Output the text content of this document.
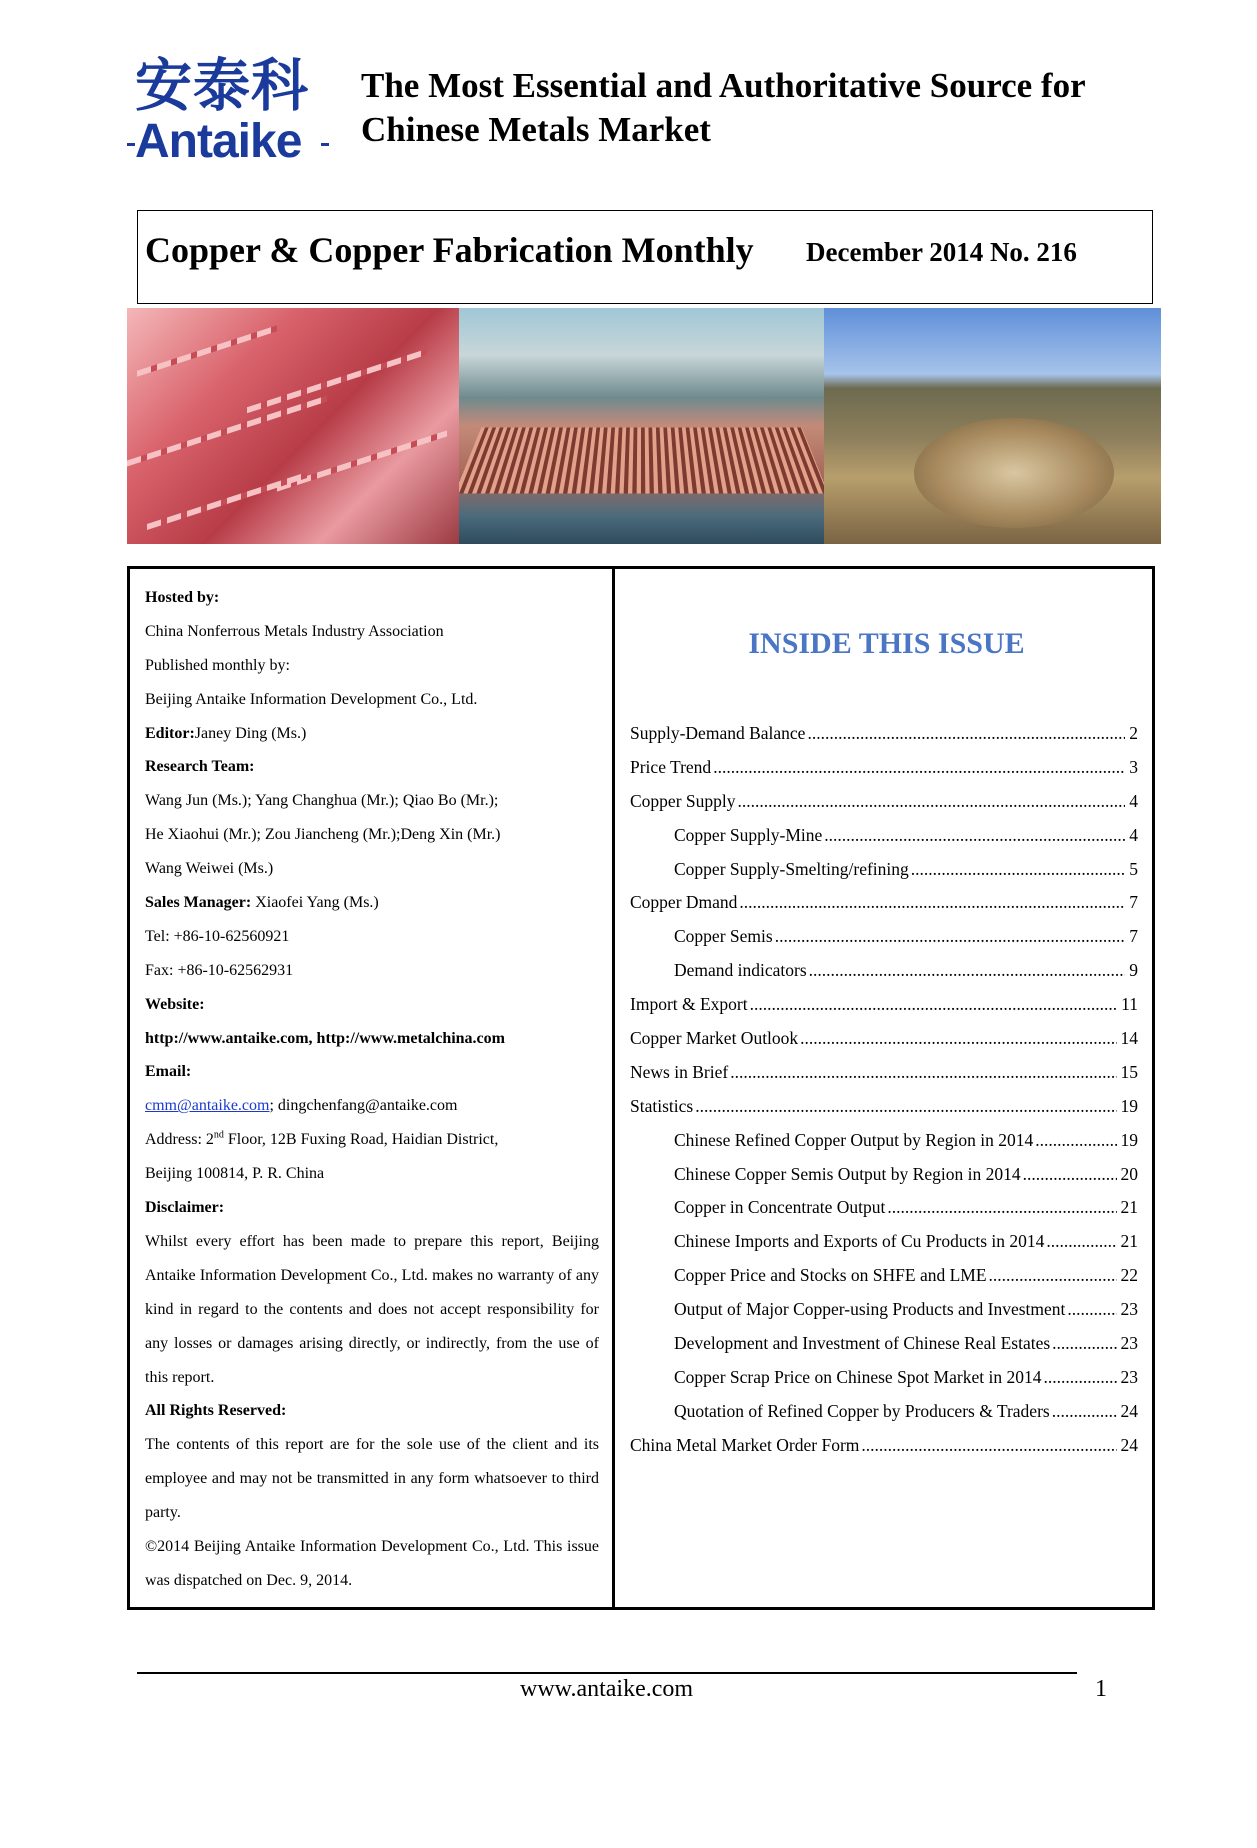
安泰科
Antaike
The Most Essential and Authoritative Source for
Chinese Metals Market
Copper & Copper Fabrication Monthly December 2014 No. 216
Hosted by:
China Nonferrous Metals Industry Association
Published monthly by:
Beijing Antaike Information Development Co., Ltd.
Editor:Janey Ding (Ms.)
Research Team:
Wang Jun (Ms.); Yang Changhua (Mr.); Qiao Bo (Mr.);
He Xiaohui (Mr.); Zou Jiancheng (Mr.);Deng Xin (Mr.)
Wang Weiwei (Ms.)
Sales Manager: Xiaofei Yang (Ms.)
Tel: +86-10-62560921
Fax: +86-10-62562931
Website:
http://www.antaike.com, http://www.metalchina.com
Email:
cmm@antaike.com; dingchenfang@antaike.com
Address: 2nd Floor, 12B Fuxing Road, Haidian District,
Beijing 100814, P. R. China
Disclaimer:
Whilst every effort has been made to prepare this report, Beijing Antaike Information Development Co., Ltd. makes no warranty of any kind in regard to the contents and does not accept responsibility for any losses or damages arising directly, or indirectly, from the use of this report.
All Rights Reserved:
The contents of this report are for the sole use of the client and its employee and may not be transmitted in any form whatsoever to third party.
©2014 Beijing Antaike Information Development Co., Ltd. This issue was dispatched on Dec. 9, 2014.
INSIDE THIS ISSUE
Supply-Demand Balance .....	2
Price Trend .....	3
Copper Supply .....	4
Copper Supply-Mine .....	4
Copper Supply-Smelting/refining .....	5
Copper Dmand .....	7
Copper Semis .....	7
Demand indicators .....	9
Import & Export .....	11
Copper Market Outlook .....	14
News in Brief .....	15
Statistics .....	19
Chinese Refined Copper Output by Region in 2014 .....	19
Chinese Copper Semis Output by Region in 2014 .....	20
Copper in Concentrate Output .....	21
Chinese Imports and Exports of Cu Products in 2014 .....	21
Copper Price and Stocks on SHFE and LME .....	22
Output of Major Copper-using Products and Investment .....	23
Development and Investment of Chinese Real Estates .....	23
Copper Scrap Price on Chinese Spot Market in 2014 .....	23
Quotation of Refined Copper by Producers & Traders .....	24
China Metal Market Order Form .....	24
www.antaike.com	1
